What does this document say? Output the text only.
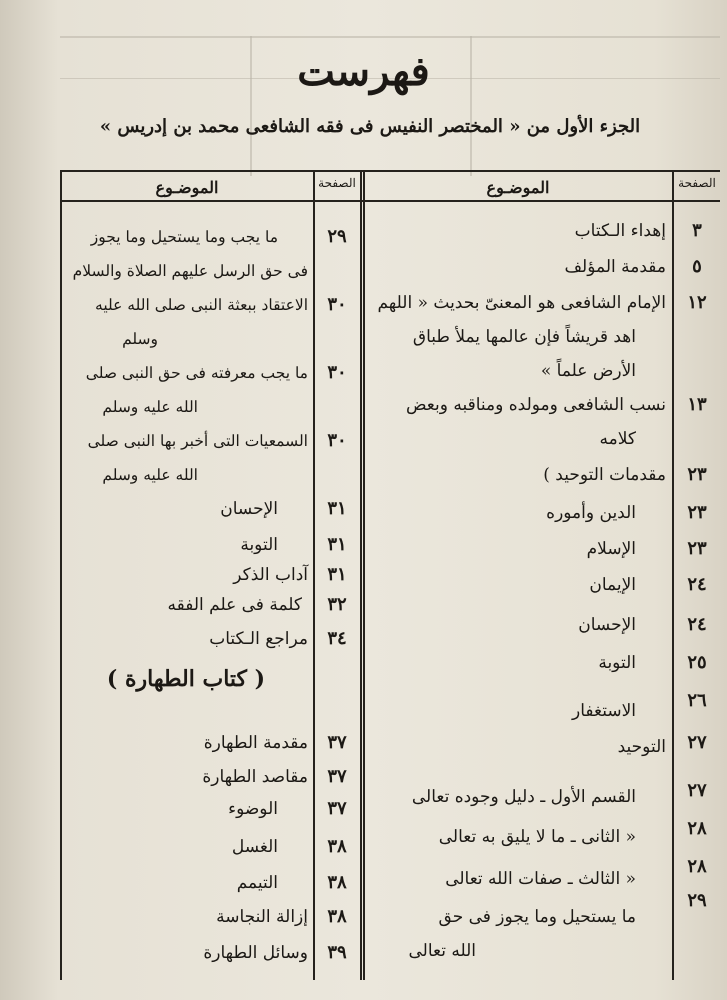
فهرست
الجزء الأول من « المختصر النفيس فى فقه الشافعى محمد بن إدريس »
الصفحة
الموضـوع
الصفحة
الموضـوع
٣
إهداء الـكتاب
٥
مقدمة المؤلف
١٢
الإمام الشافعى هو المعنىّ بحديث « اللهم
اهد قريشاً فإن عالمها يملأ طباق
الأرض علماً »
١٣
نسب الشافعى ومولده ومناقبه وبعض
كلامه
٢٣
مقدمات التوحيد )
٢٣
الدين وأموره
٢٣
الإسلام
٢٤
الإيمان
٢٤
الإحسان
٢٥
التوبة
٢٦
الاستغفار
٢٧
التوحيد
٢٧
القسم الأول ـ دليل وجوده تعالى
٢٨
« الثانى ـ ما لا يليق به تعالى
٢٨
« الثالث ـ صفات الله تعالى
٢٩
ما يستحيل وما يجوز فى حق
الله تعالى
٢٩
ما يجب وما يستحيل وما يجوز
فى حق الرسل عليهم الصلاة والسلام
٣٠
الاعتقاد ببعثة النبى صلى الله عليه
وسلم
٣٠
ما يجب معرفته فى حق النبى صلى
الله عليه وسلم
٣٠
السمعيات التى أخبر بها النبى صلى
الله عليه وسلم
٣١
الإحسان
٣١
التوبة
٣١
آداب الذكر
٣٢
كلمة فى علم الفقه
٣٤
مراجع الـكتاب
( كتاب الطهارة )
٣٧
مقدمة الطهارة
٣٧
مقاصد الطهارة
٣٧
الوضوء
٣٨
الغسل
٣٨
التيمم
٣٨
إزالة النجاسة
٣٩
وسائل الطهارة
